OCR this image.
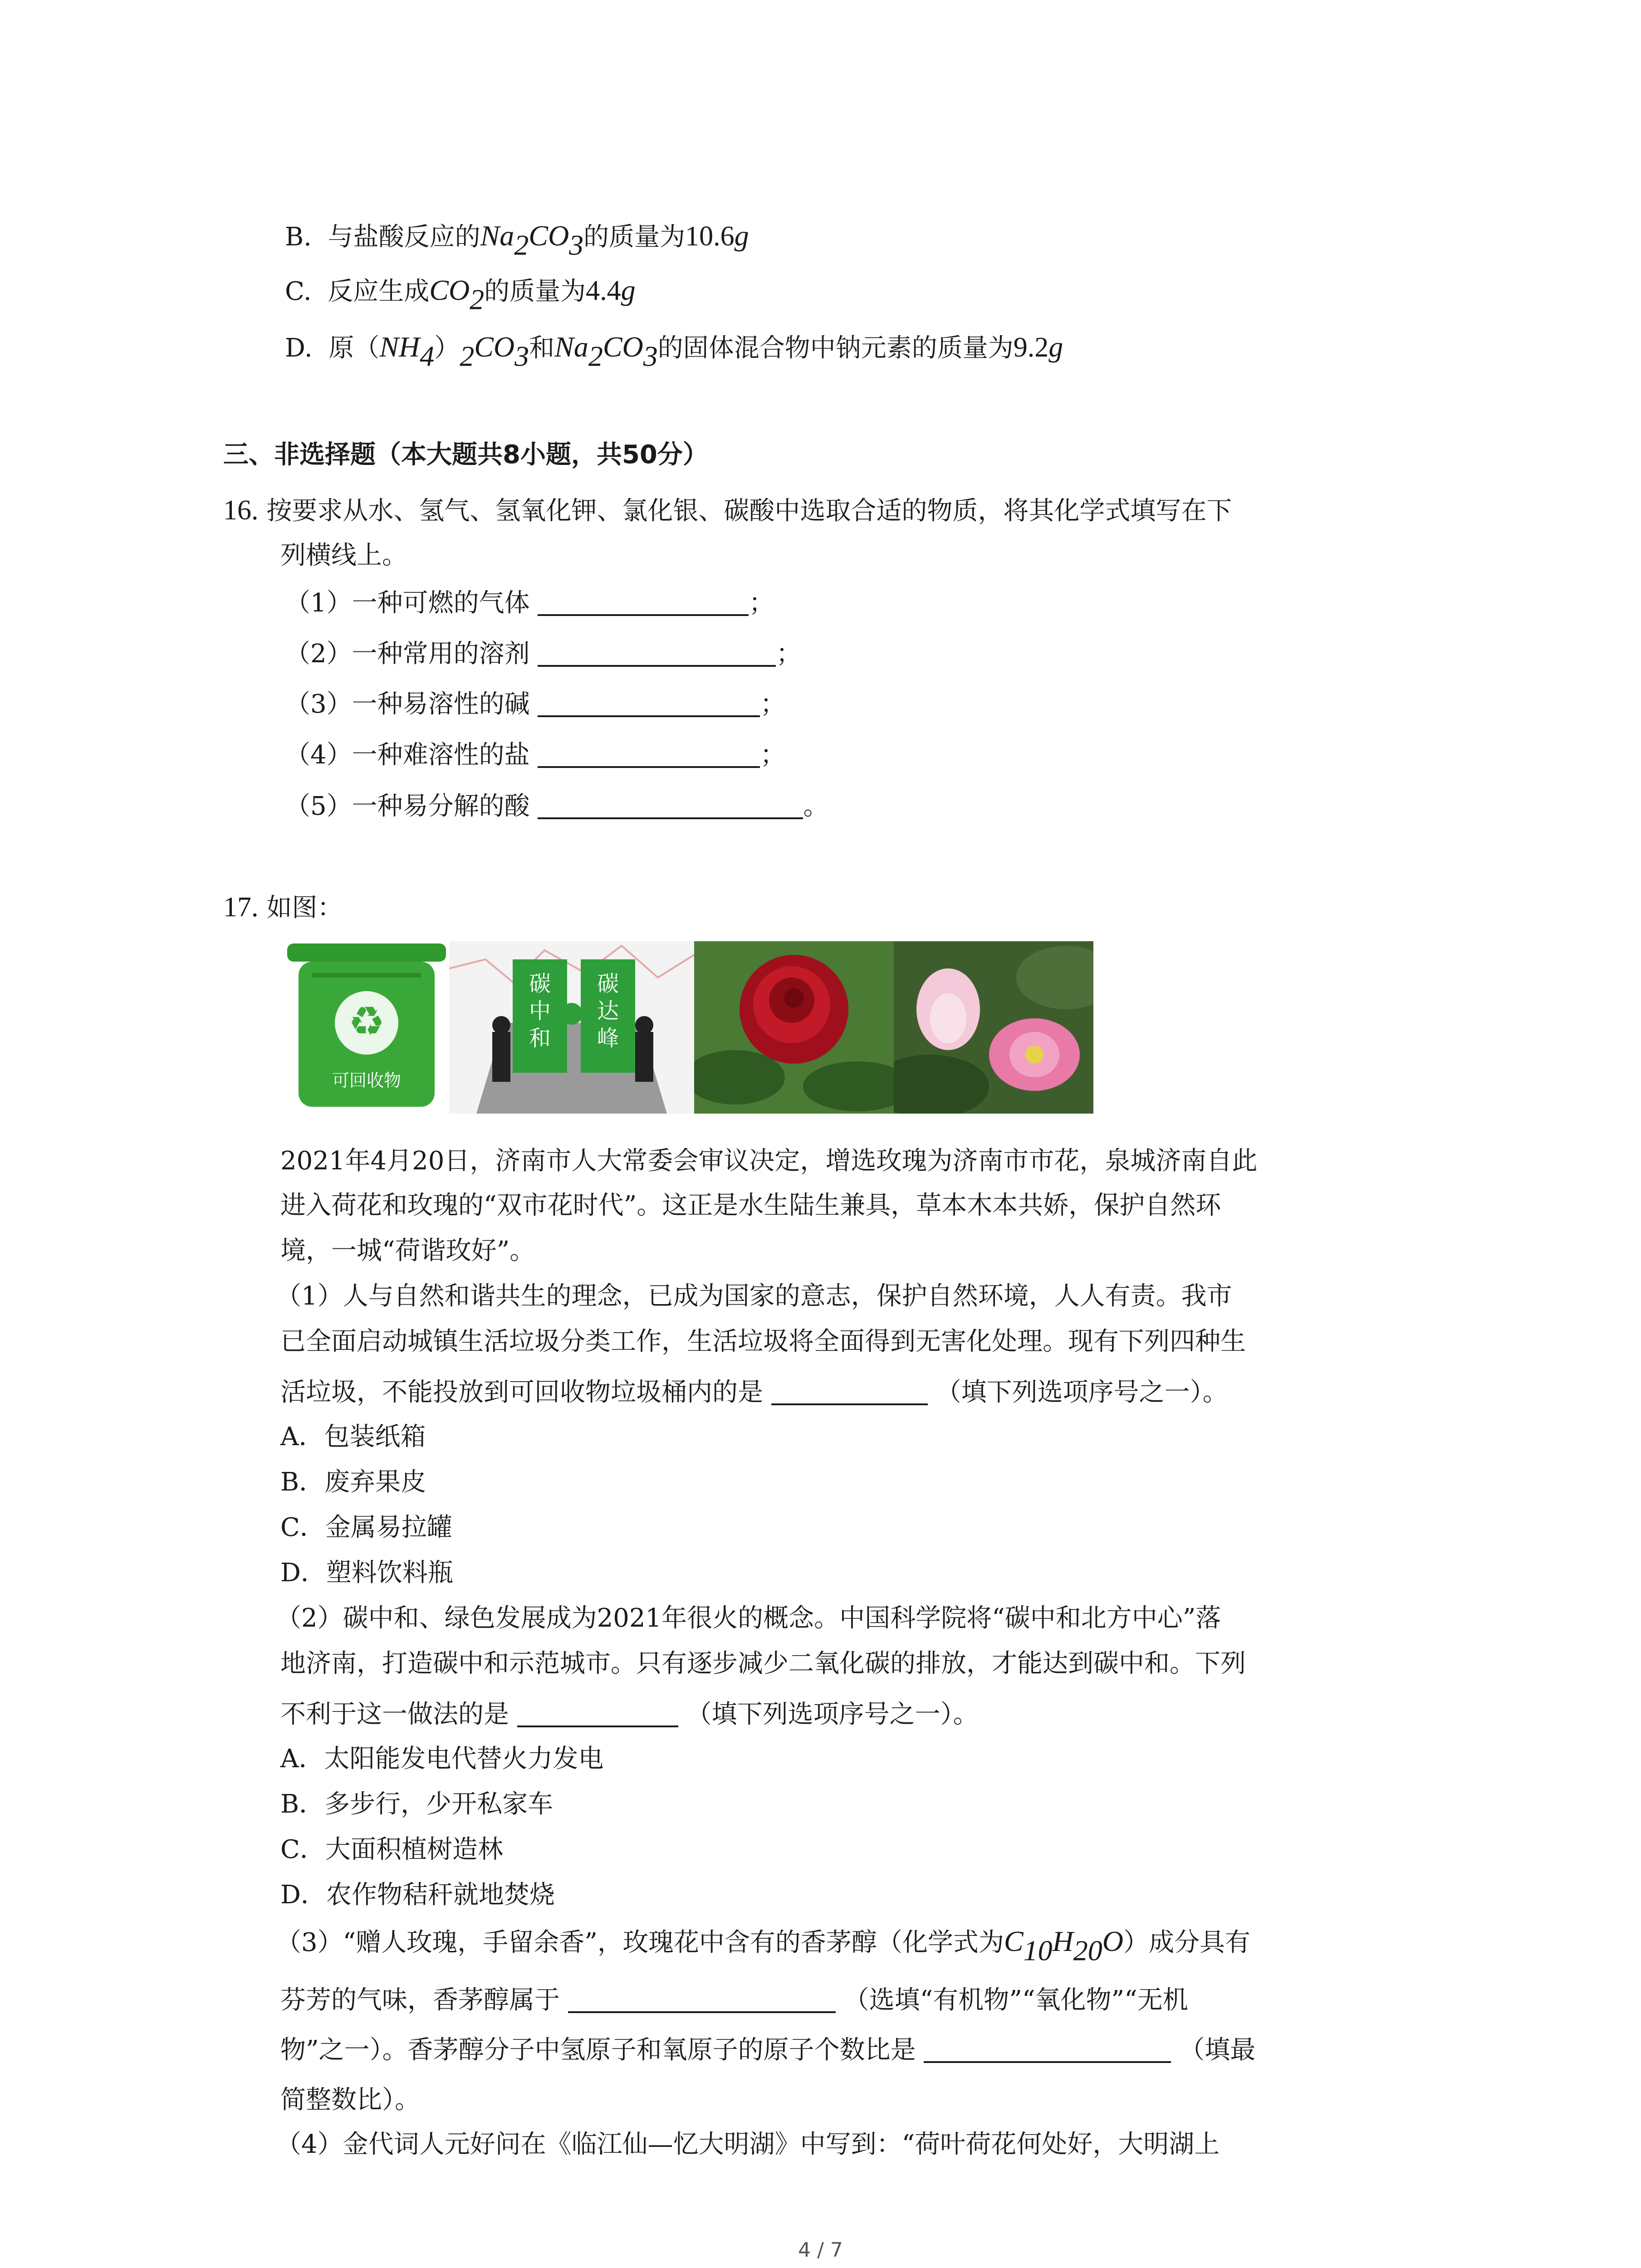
B. 与盐酸反应的$Na_2CO_3$的质量为10.6g
C. 反应生成$CO_2$的质量为4.4g
D. 原$(NH_4)_2CO_3$和$Na_2CO_3$的固体混合物中钠元素的质量为9.2g
三、非选择题（本大题共8小题，共50分）
16. 按要求从水、氢气、氢氧化钾、氯化银、碳酸中选取合适的物质，将其化学式填写在下
列横线上。
（1）一种可燃的气体	；
（2）一种常用的溶剂	；
（3）一种易溶性的碱	；
（4）一种难溶性的盐	；
（5）一种易分解的酸	。
17. 如图：
♻
可回收物
碳
中
和
碳
达
峰
2021年4月20日，济南市人大常委会审议决定，增选玫瑰为济南市市花，泉城济南自此
进入荷花和玫瑰的“双市花时代”。这正是水生陆生兼具，草本木本共娇，保护自然环
境，一城“荷谐玫好”。
（1）人与自然和谐共生的理念，已成为国家的意志，保护自然环境，人人有责。我市
已全面启动城镇生活垃圾分类工作，生活垃圾将全面得到无害化处理。现有下列四种生
活垃圾，不能投放到可回收物垃圾桶内的是	（填下列选项序号之一）。
A．包装纸箱
B．废弃果皮
C．金属易拉罐
D．塑料饮料瓶
（2）碳中和、绿色发展成为2021年很火的概念。中国科学院将“碳中和北方中心”落
地济南，打造碳中和示范城市。只有逐步减少二氧化碳的排放，才能达到碳中和。下列
不利于这一做法的是	（填下列选项序号之一）。
A．太阳能发电代替火力发电
B．多步行，少开私家车
C．大面积植树造林
D．农作物秸秆就地焚烧
（3）“赠人玫瑰，手留余香”，玫瑰花中含有的香茅醇（化学式为$C_{10}H_{20}O$）成分具有
芬芳的气味，香茅醇属于	（选填“有机物”“氧化物”“无机
物”之一）。香茅醇分子中氢原子和氧原子的原子个数比是	（填最
简整数比）。
（4）金代词人元好问在《临江仙—忆大明湖》中写到：“荷叶荷花何处好，大明湖上
4 / 7
